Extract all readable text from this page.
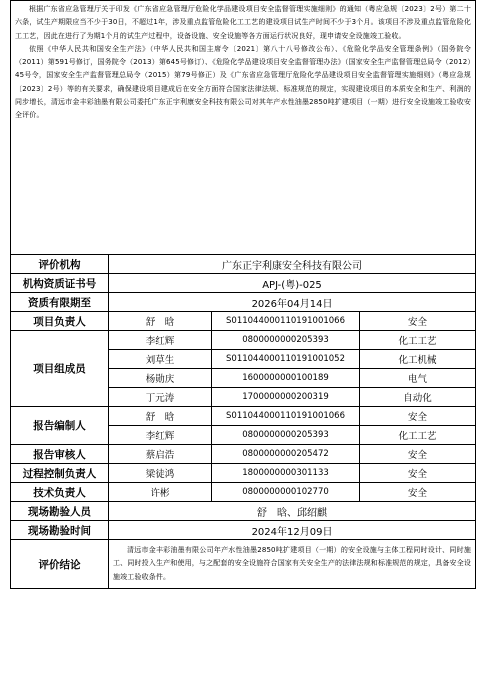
根据广东省应急管理厅关于印发《广东省应急管理厅危险化学品建设项目安全监督管理实施细则》的通知（粤应急规〔2023〕2号）第二十六条，试生产期限应当不少于30日，不超过1年，涉及重点监管危险化工工艺的建设项目试生产时间不少于3个月。该项目不涉及重点监管危险化工工艺，因此在进行了为期1个月的试生产过程中，设备设施、安全设施等各方面运行状况良好，现申请安全设施竣工验收。

依照《中华人民共和国安全生产法》（中华人民共和国主席令〔2021〕第八十八号修改公布）、《危险化学品安全管理条例》（国务院令（2011）第591号修订，国务院令（2013）第645号修订）、《危险化学品建设项目安全监督管理办法》（国家安全生产监督管理总局令（2012）45号令，国家安全生产监督管理总局令（2015）第79号修正）及《广东省应急管理厅危险化学品建设项目安全监督管理实施细则》（粤应急规〔2023〕2号）等的有关要求，确保建设项目建成后在安全方面符合国家法律法规、标准规范的规定，实现建设项目的本质安全和生产、利润的同步增长，清远市金丰彩油墨有限公司委托广东正宇利康安全科技有限公司对其年产水性油墨2850吨扩建项目（一期）进行安全设施竣工验收安全评价。			

评价机构	广东正宇利康安全科技有限公司		
机构资质证书号	APJ-(粤)-025		
资质有限期至	2026年04月14日		
项目负责人	舒　晗	S011044000110191001066	安全
项目组成员	李红辉	0800000000205393	化工工艺
	刘草生	S011044000110191001052	化工机械
	杨勋庆	1600000000100189	电气
	丁元涛	1700000000200319	自动化
报告编制人	舒　晗	S011044000110191001066	安全
	李红辉	0800000000205393	化工工艺
报告审核人	蔡启浩	0800000000205472	安全
过程控制负责人	梁徒鸿	1800000000301133	安全
技术负责人	许彬	0800000000102770	安全
现场勘验人员	舒　晗、邱绍麒		
现场勘验时间	2024年12月09日		
评价结论	清远市金丰彩油墨有限公司年产水性油墨2850吨扩建项目（一期）的安全设施与主体工程同时设计、同时施工、同时投入生产和使用，与之配套的安全设施符合国家有关安全生产的法律法规和标准规范的规定，具备安全设施竣工验收条件。		
